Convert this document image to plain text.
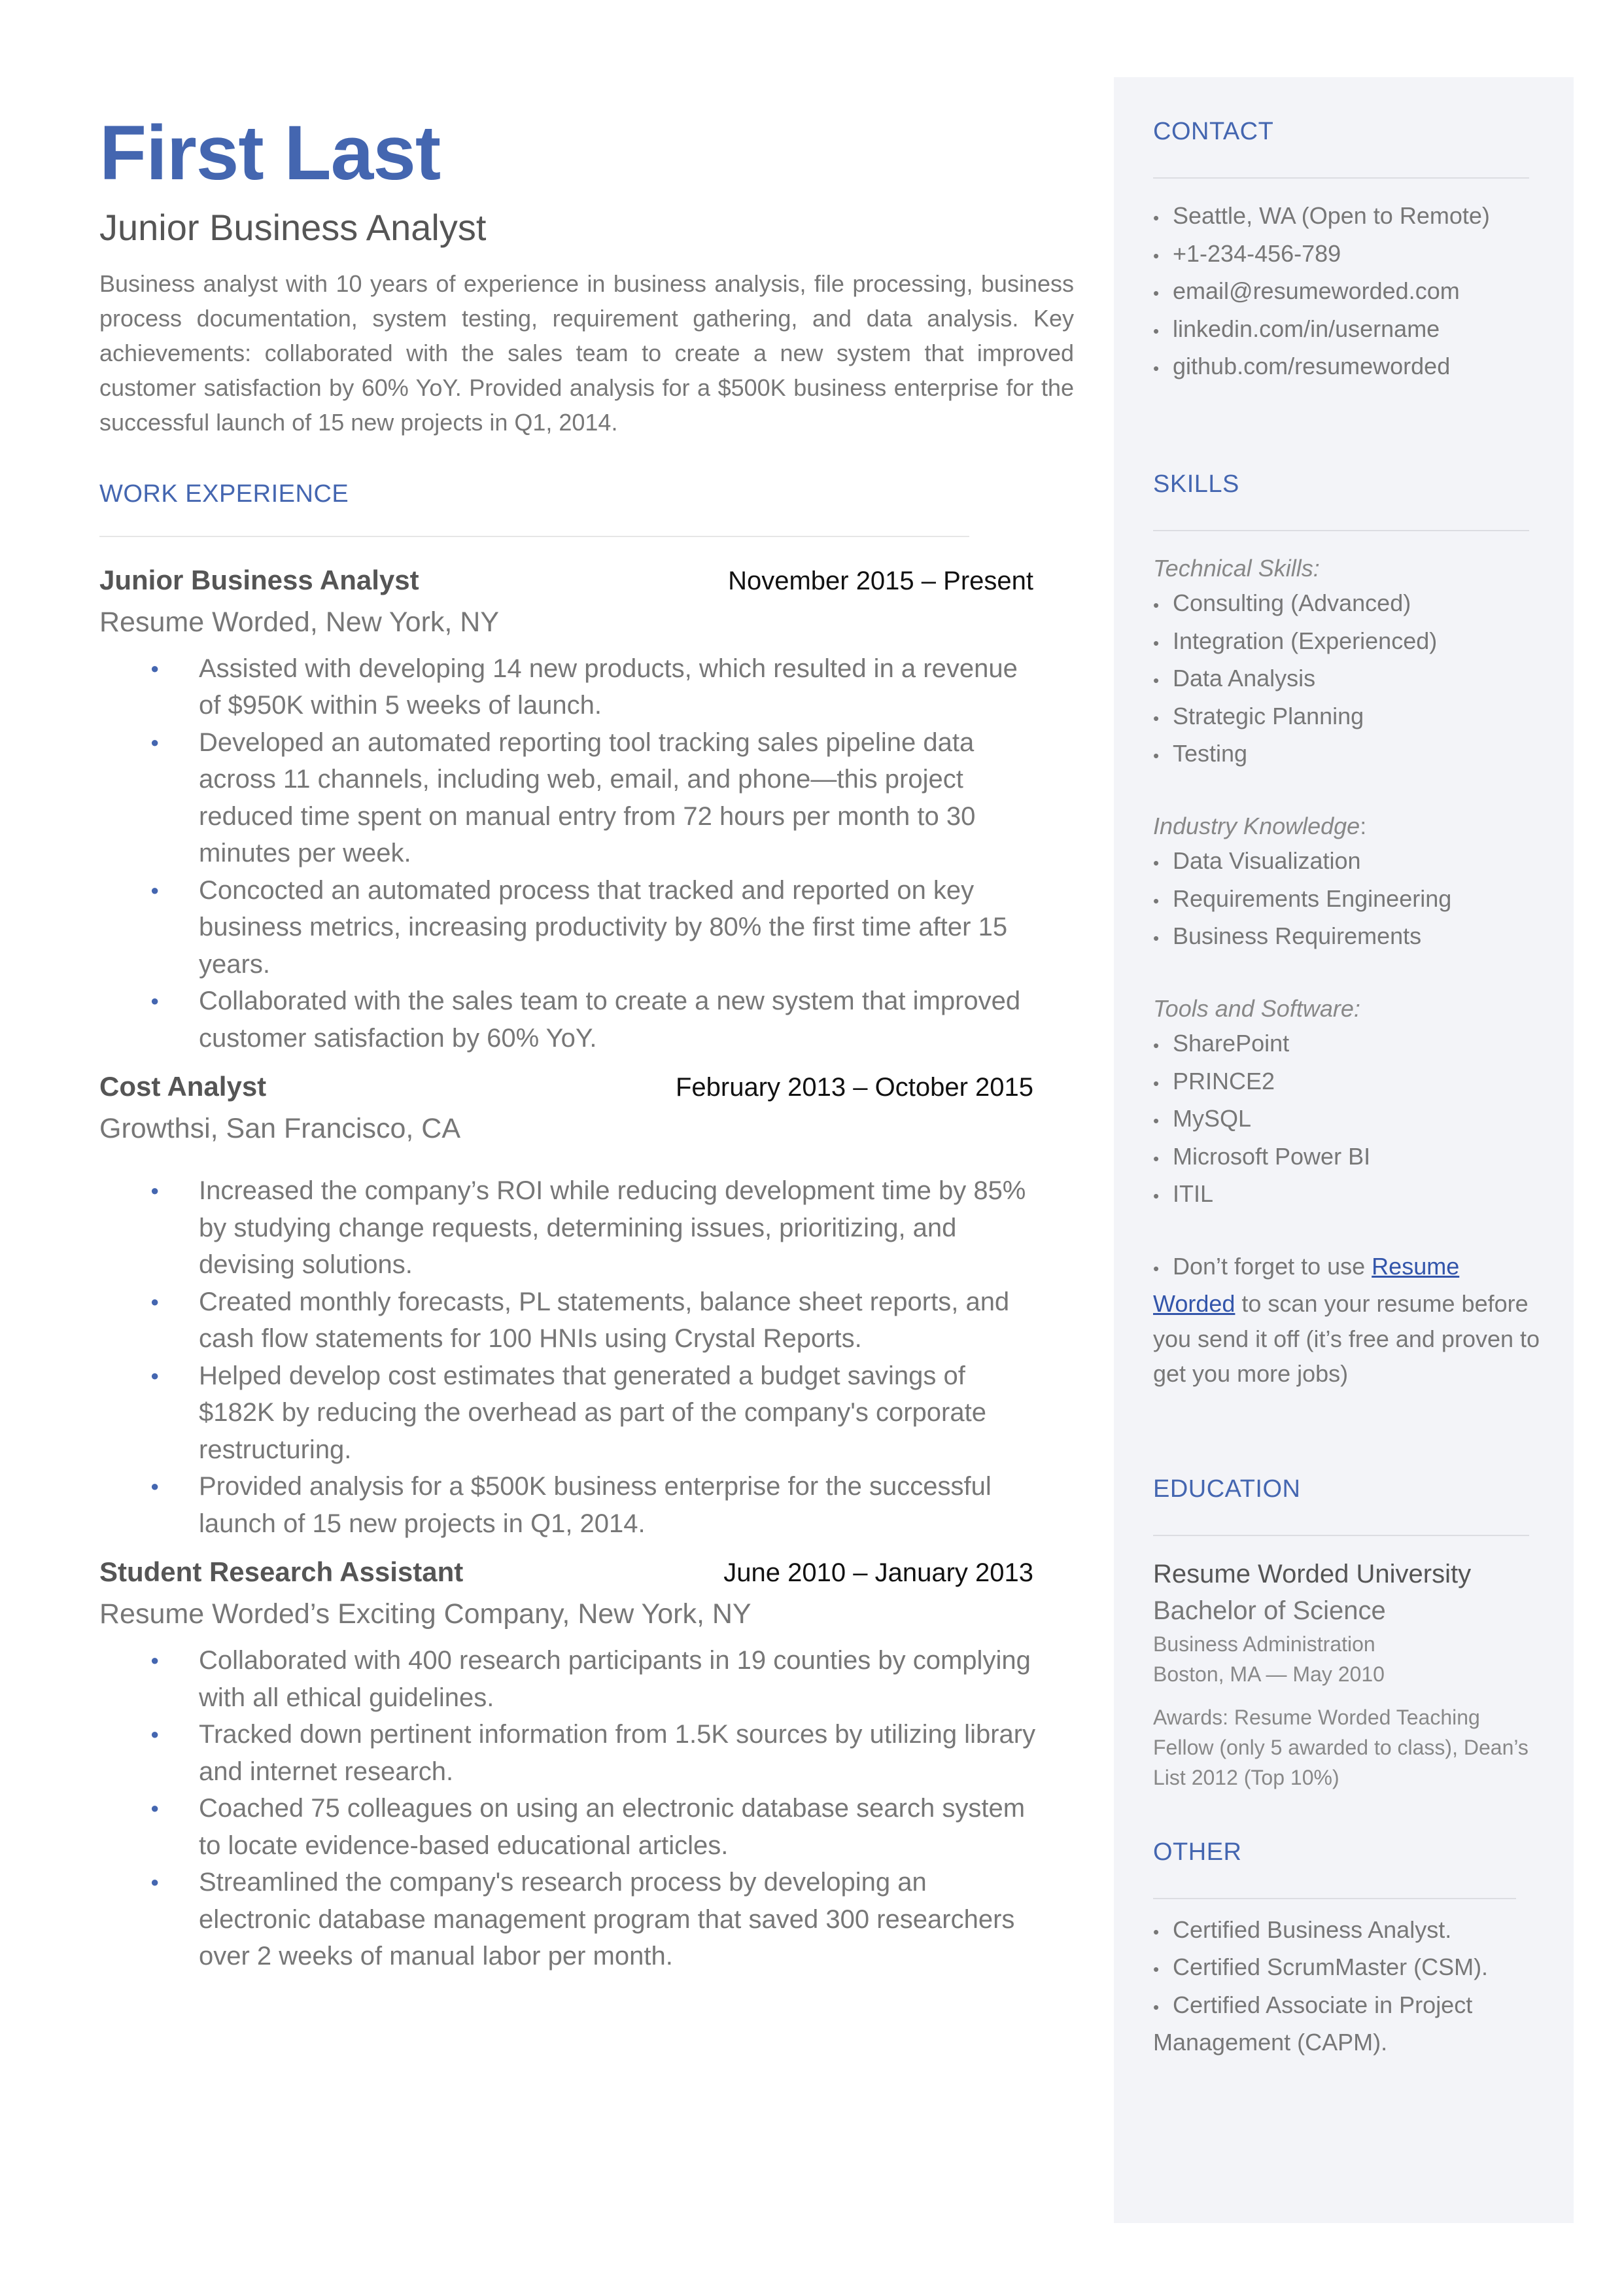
First Last
Junior Business Analyst
Business analyst with 10 years of experience in business analysis, file processing, business process documentation, system testing, requirement gathering, and data analysis. Key achievements: collaborated with the sales team to create a new system that improved customer satisfaction by 60% YoY. Provided analysis for a $500K business enterprise for the successful launch of 15 new projects in Q1, 2014.
WORK EXPERIENCE
Junior Business Analyst	November 2015 – Present
Resume Worded, New York, NY
● Assisted with developing 14 new products, which resulted in a revenue of $950K within 5 weeks of launch.
● Developed an automated reporting tool tracking sales pipeline data across 11 channels, including web, email, and phone—this project reduced time spent on manual entry from 72 hours per month to 30 minutes per week.
● Concocted an automated process that tracked and reported on key business metrics, increasing productivity by 80% the first time after 15 years.
● Collaborated with the sales team to create a new system that improved customer satisfaction by 60% YoY.
Cost Analyst	February 2013 – October 2015
Growthsi, San Francisco, CA
● Increased the company’s ROI while reducing development time by 85% by studying change requests, determining issues, prioritizing, and devising solutions.
● Created monthly forecasts, PL statements, balance sheet reports, and cash flow statements for 100 HNIs using Crystal Reports.
● Helped develop cost estimates that generated a budget savings of $182K by reducing the overhead as part of the company's corporate restructuring.
● Provided analysis for a $500K business enterprise for the successful launch of 15 new projects in Q1, 2014.
Student Research Assistant	June 2010 – January 2013
Resume Worded’s Exciting Company, New York, NY
● Collaborated with 400 research participants in 19 counties by complying with all ethical guidelines.
● Tracked down pertinent information from 1.5K sources by utilizing library and internet research.
● Coached 75 colleagues on using an electronic database search system to locate evidence-based educational articles.
● Streamlined the company's research process by developing an electronic database management program that saved 300 researchers over 2 weeks of manual labor per month.
CONTACT
• Seattle, WA (Open to Remote)
• +1-234-456-789
• email@resumeworded.com
• linkedin.com/in/username
• github.com/resumeworded
SKILLS
Technical Skills:
• Consulting (Advanced)
• Integration (Experienced)
• Data Analysis
• Strategic Planning
• Testing
Industry Knowledge:
• Data Visualization
• Requirements Engineering
• Business Requirements
Tools and Software:
• SharePoint
• PRINCE2
• MySQL
• Microsoft Power BI
• ITIL
• Don’t forget to use Resume Worded to scan your resume before you send it off (it’s free and proven to get you more jobs)
EDUCATION
Resume Worded University
Bachelor of Science
Business Administration
Boston, MA — May 2010
Awards: Resume Worded Teaching Fellow (only 5 awarded to class), Dean’s List 2012 (Top 10%)
OTHER
• Certified Business Analyst.
• Certified ScrumMaster (CSM).
• Certified Associate in Project Management (CAPM).
